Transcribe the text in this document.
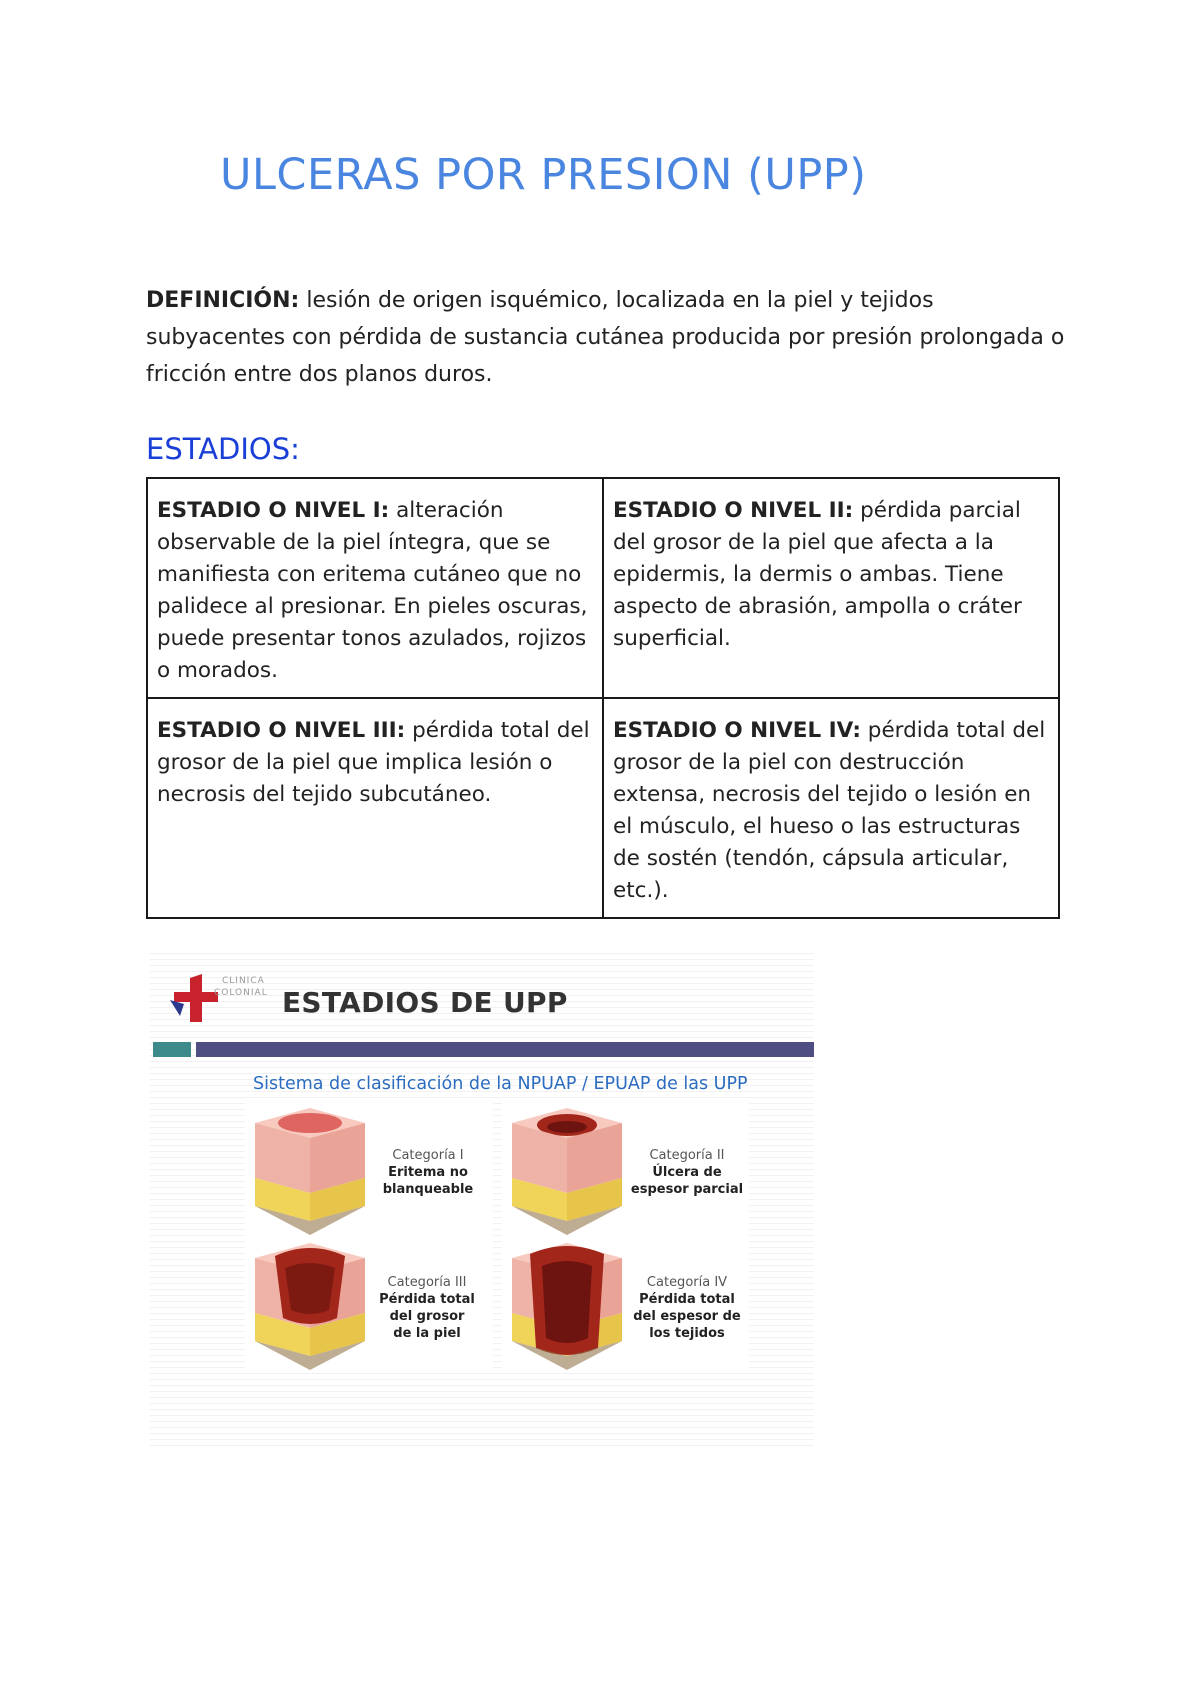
ULCERAS POR PRESION (UPP)

DEFINICIÓN: lesión de origen isquémico, localizada en la piel y tejidos subyacentes con pérdida de sustancia cutánea producida por presión prolongada o fricción entre dos planos duros.

ESTADIOS:
ESTADIO O NIVEL I: alteración observable de la piel íntegra, que se manifiesta con eritema cutáneo que no palidece al presionar. En pieles oscuras, puede presentar tonos azulados, rojizos o morados.	ESTADIO O NIVEL II: pérdida parcial del grosor de la piel que afecta a la epidermis, la dermis o ambas. Tiene aspecto de abrasión, ampolla o cráter superficial.
ESTADIO O NIVEL III: pérdida total del grosor de la piel que implica lesión o necrosis del tejido subcutáneo.	ESTADIO O NIVEL IV: pérdida total del grosor de la piel con destrucción extensa, necrosis del tejido o lesión en el músculo, el hueso o las estructuras de sostén (tendón, cápsula articular, etc.).
CLINICA
COLONIAL ESTADIOS DE UPP
Sistema de clasificación de la NPUAP / EPUAP de las UPP
Categoría I
Eritema no
blanqueable
Categoría II
Úlcera de
espesor parcial
Categoría III
Pérdida total
del grosor
de la piel
Categoría IV
Pérdida total
del espesor de
los tejidos
